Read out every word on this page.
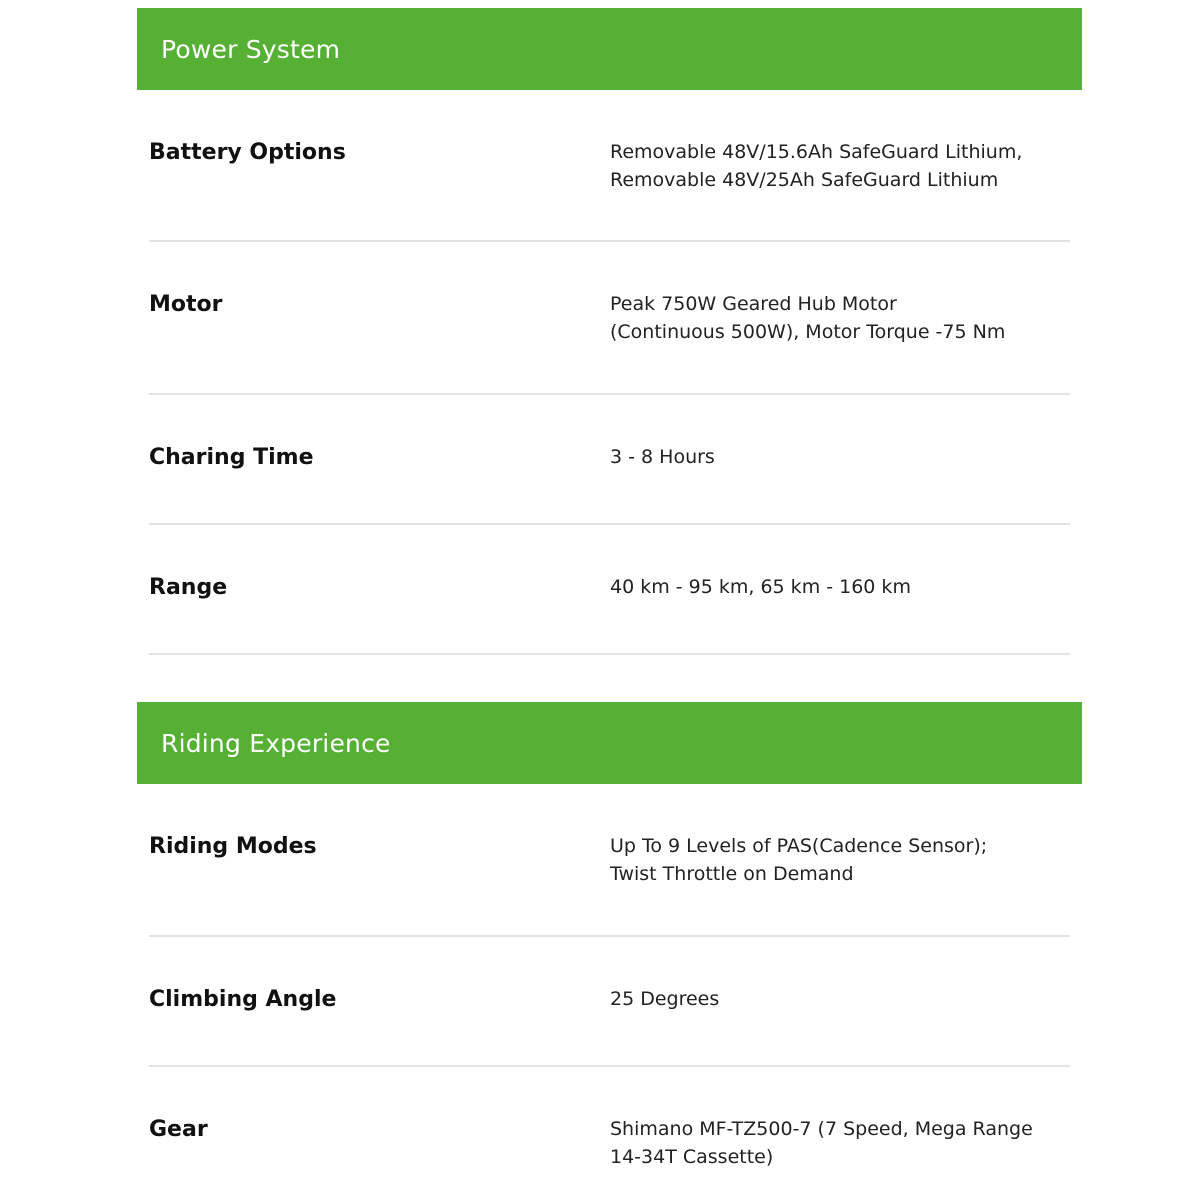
Power System
Battery Options	Removable 48V/15.6Ah SafeGuard Lithium,
Removable 48V/25Ah SafeGuard Lithium
Motor	Peak 750W Geared Hub Motor
(Continuous 500W), Motor Torque -75 Nm
Charing Time	3 - 8 Hours
Range	40 km - 95 km, 65 km - 160 km
Riding Experience
Riding Modes	Up To 9 Levels of PAS(Cadence Sensor);
Twist Throttle on Demand
Climbing Angle	25 Degrees
Gear	Shimano MF-TZ500-7 (7 Speed, Mega Range
14-34T Cassette)
